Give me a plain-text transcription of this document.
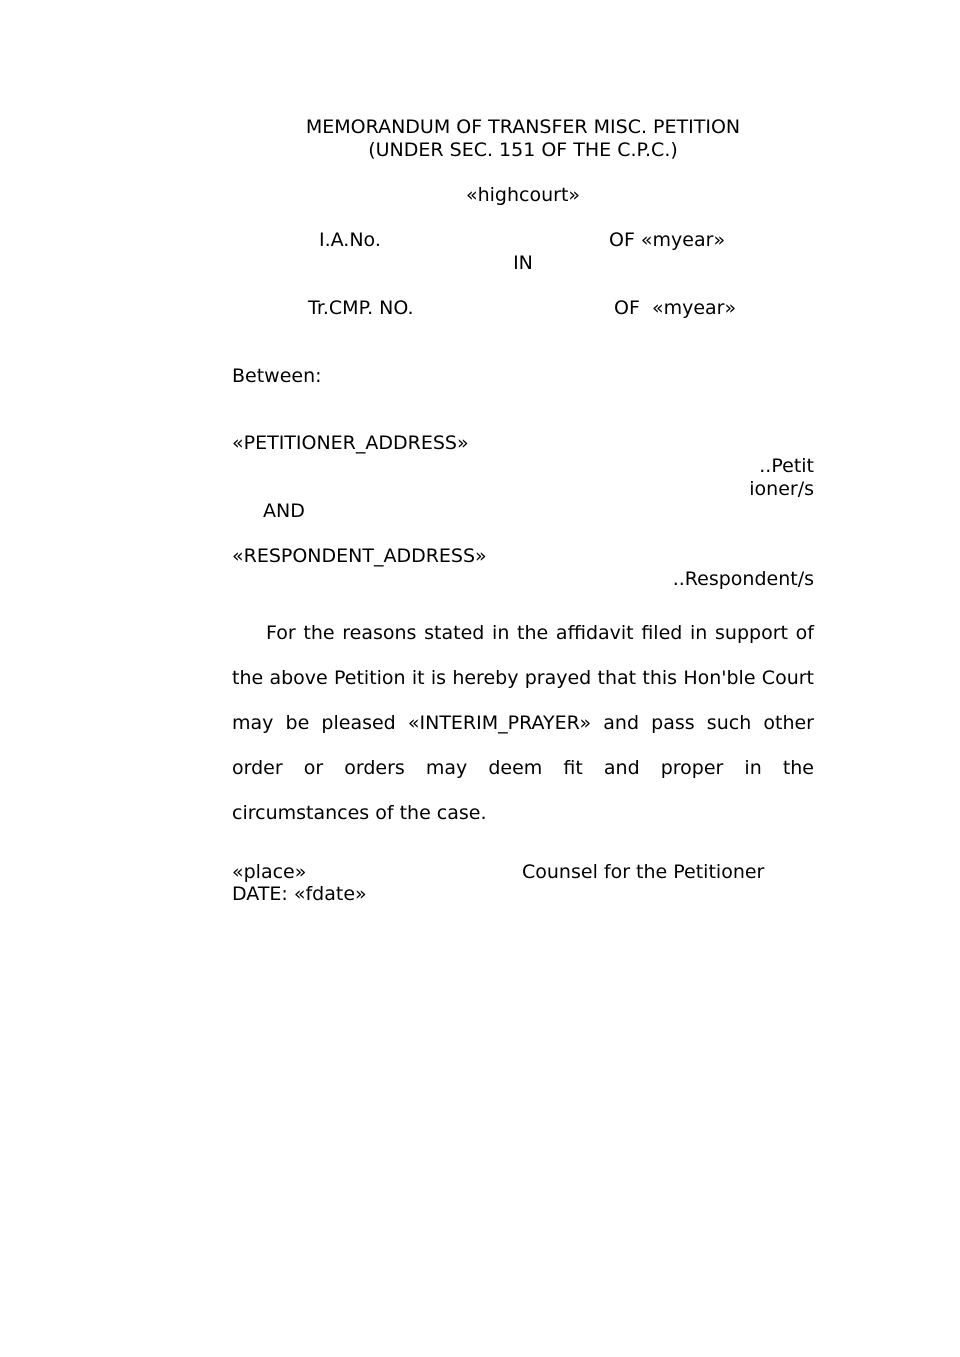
MEMORANDUM OF TRANSFER MISC. PETITION
(UNDER SEC. 151 OF THE C.P.C.)
«highcourt»
I.A.No.	OF «myear»
IN
Tr.CMP. NO.	OF  «myear»
Between:
«PETITIONER_ADDRESS»
..Petit
ioner/s
AND
«RESPONDENT_ADDRESS»
..Respondent/s
For the reasons stated in the affidavit filed in support of the above Petition it is hereby prayed that this Hon'ble Court may be pleased «INTERIM_PRAYER» and pass such other order or orders may deem fit and proper in the circumstances of the case.
«place»	Counsel for the Petitioner
DATE: «fdate»
